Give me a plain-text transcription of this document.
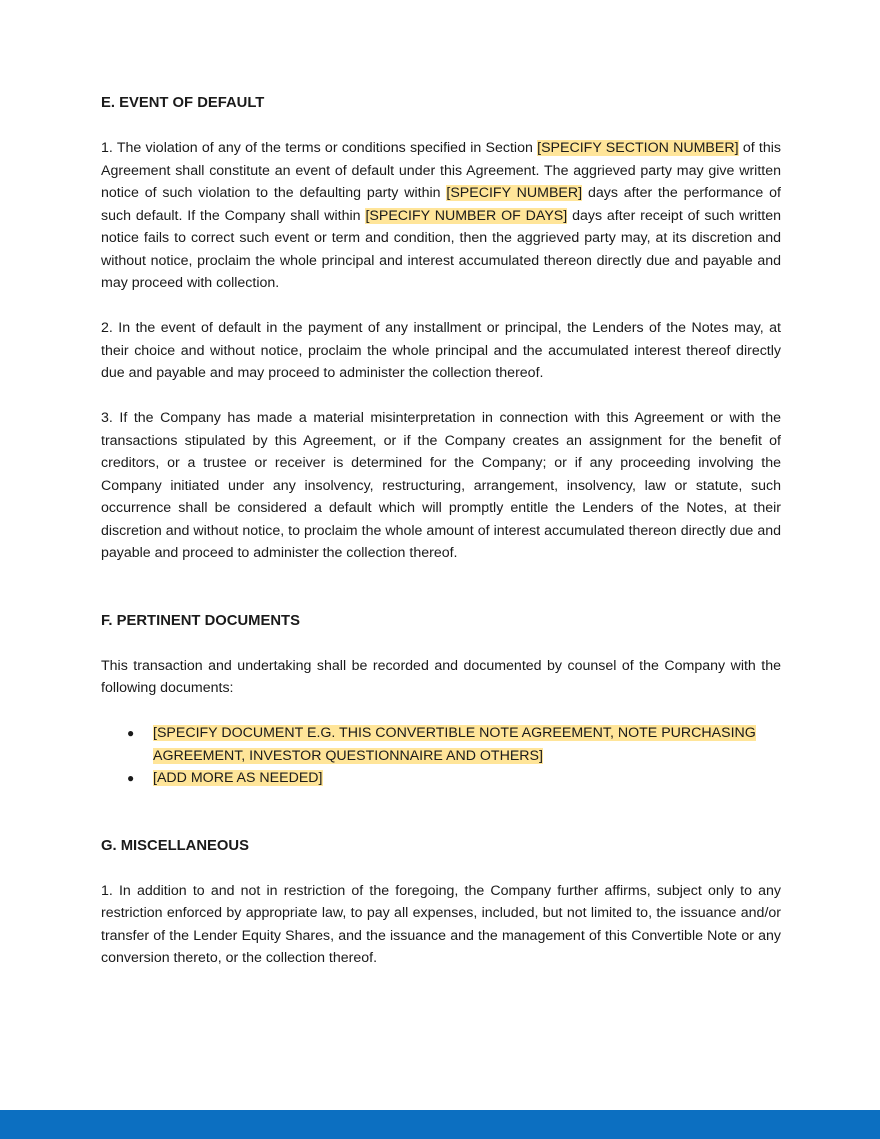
E. EVENT OF DEFAULT

1. The violation of any of the terms or conditions specified in Section [SPECIFY SECTION NUMBER] of this Agreement shall constitute an event of default under this Agreement. The aggrieved party may give written notice of such violation to the defaulting party within [SPECIFY NUMBER] days after the performance of such default. If the Company shall within [SPECIFY NUMBER OF DAYS] days after receipt of such written notice fails to correct such event or term and condition, then the aggrieved party may, at its discretion and without notice, proclaim the whole principal and interest accumulated thereon directly due and payable and may proceed with collection.

2. In the event of default in the payment of any installment or principal, the Lenders of the Notes may, at their choice and without notice, proclaim the whole principal and the accumulated interest thereof directly due and payable and may proceed to administer the collection thereof.

3. If the Company has made a material misinterpretation in connection with this Agreement or with the transactions stipulated by this Agreement, or if the Company creates an assignment for the benefit of creditors, or a trustee or receiver is determined for the Company; or if any proceeding involving the Company initiated under any insolvency, restructuring, arrangement, insolvency, law or statute, such occurrence shall be considered a default which will promptly entitle the Lenders of the Notes, at their discretion and without notice, to proclaim the whole amount of interest accumulated thereon directly due and payable and proceed to administer the collection thereof.

F. PERTINENT DOCUMENTS

This transaction and undertaking shall be recorded and documented by counsel of the Company with the following documents:

● [SPECIFY DOCUMENT E.G. THIS CONVERTIBLE NOTE AGREEMENT, NOTE PURCHASING AGREEMENT, INVESTOR QUESTIONNAIRE AND OTHERS]
● [ADD MORE AS NEEDED]
G. MISCELLANEOUS

1. In addition to and not in restriction of the foregoing, the Company further affirms, subject only to any restriction enforced by appropriate law, to pay all expenses, included, but not limited to, the issuance and/or transfer of the Lender Equity Shares, and the issuance and the management of this Convertible Note or any conversion thereto, or the collection thereof.
